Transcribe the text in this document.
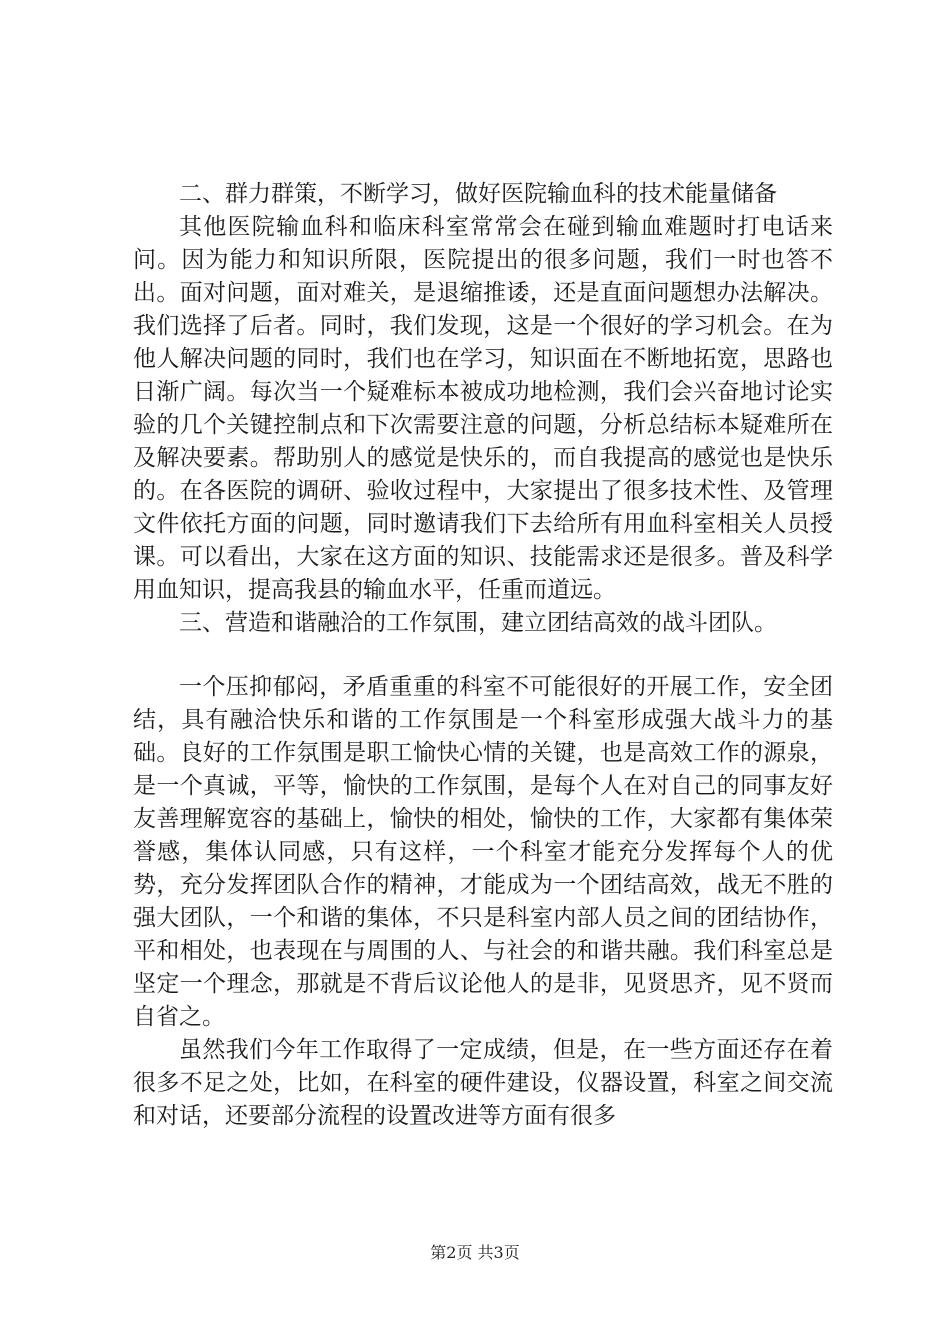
二、群力群策，不断学习，做好医院输血科的技术能量储备

其他医院输血科和临床科室常常会在碰到输血难题时打电话来问。因为能力和知识所限，医院提出的很多问题，我们一时也答不出。面对问题，面对难关，是退缩推诿，还是直面问题想办法解决。我们选择了后者。同时，我们发现，这是一个很好的学习机会。在为他人解决问题的同时，我们也在学习，知识面在不断地拓宽，思路也日渐广阔。每次当一个疑难标本被成功地检测，我们会兴奋地讨论实验的几个关键控制点和下次需要注意的问题，分析总结标本疑难所在及解决要素。帮助别人的感觉是快乐的，而自我提高的感觉也是快乐的。在各医院的调研、验收过程中，大家提出了很多技术性、及管理文件依托方面的问题，同时邀请我们下去给所有用血科室相关人员授课。可以看出，大家在这方面的知识、技能需求还是很多。普及科学用血知识，提高我县的输血水平，任重而道远。

三、营造和谐融洽的工作氛围，建立团结高效的战斗团队。

一个压抑郁闷，矛盾重重的科室不可能很好的开展工作，安全团结，具有融洽快乐和谐的工作氛围是一个科室形成强大战斗力的基础。良好的工作氛围是职工愉快心情的关键，也是高效工作的源泉，是一个真诚，平等，愉快的工作氛围，是每个人在对自己的同事友好友善理解宽容的基础上，愉快的相处，愉快的工作，大家都有集体荣誉感，集体认同感，只有这样，一个科室才能充分发挥每个人的优势，充分发挥团队合作的精神，才能成为一个团结高效，战无不胜的强大团队，一个和谐的集体，不只是科室内部人员之间的团结协作，平和相处，也表现在与周围的人、与社会的和谐共融。我们科室总是坚定一个理念，那就是不背后议论他人的是非，见贤思齐，见不贤而自省之。

虽然我们今年工作取得了一定成绩，但是，在一些方面还存在着很多不足之处，比如，在科室的硬件建设，仪器设置，科室之间交流和对话，还要部分流程的设置改进等方面有很多

第2页 共3页
